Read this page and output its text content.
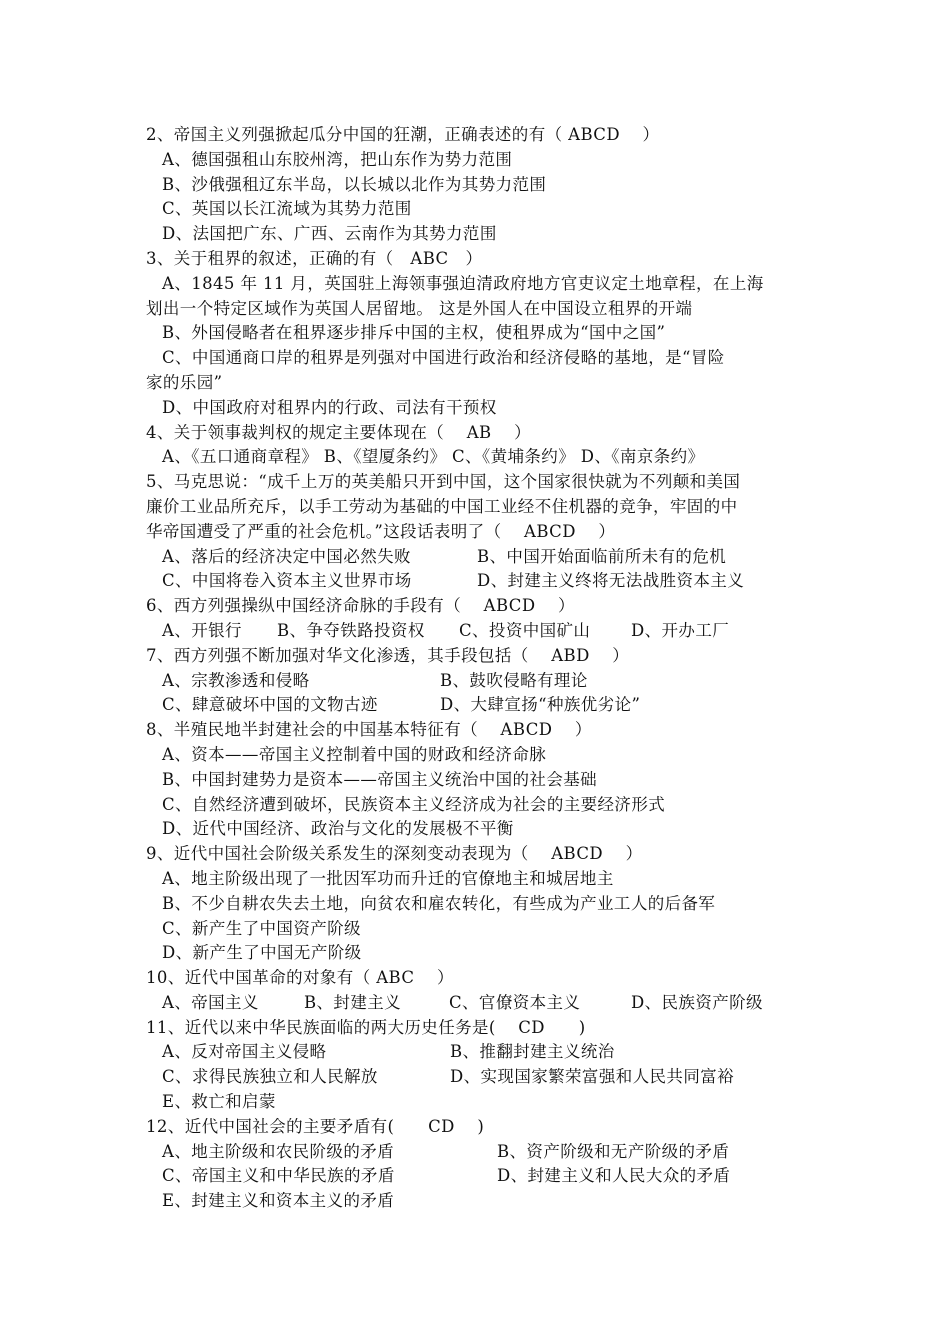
2、帝国主义列强掀起瓜分中国的狂潮，正确表述的有（ ABCD　 ）
A、德国强租山东胶州湾，把山东作为势力范围
B、沙俄强租辽东半岛，以长城以北作为其势力范围
C、英国以长江流域为其势力范围
D、法国把广东、广西、云南作为其势力范围
3、关于租界的叙述，正确的有（　ABC　）
A、1845 年 11 月，英国驻上海领事强迫清政府地方官吏议定土地章程，在上海
划出一个特定区域作为英国人居留地。 这是外国人在中国设立租界的开端
B、外国侵略者在租界逐步排斥中国的主权，使租界成为“国中之国”
C、中国通商口岸的租界是列强对中国进行政治和经济侵略的基地，是“冒险
家的乐园”
D、中国政府对租界内的行政、司法有干预权
4、关于领事裁判权的规定主要体现在（　 AB　 ）
A、《五口通商章程》 B、《望厦条约》 C、《黄埔条约》 D、《南京条约》
5、马克思说：“成千上万的英美船只开到中国，这个国家很快就为不列颠和美国
廉价工业品所充斥，以手工劳动为基础的中国工业经不住机器的竞争，牢固的中
华帝国遭受了严重的社会危机。”这段话表明了（　 ABCD　 ）
A、落后的经济决定中国必然失败	B、中国开始面临前所未有的危机
C、中国将卷入资本主义世界市场	D、封建主义终将无法战胜资本主义
6、西方列强操纵中国经济命脉的手段有（　 ABCD　 ）
A、开银行	B、争夺铁路投资权	C、投资中国矿山	D、开办工厂
7、西方列强不断加强对华文化渗透，其手段包括（　 ABD　 ）
A、宗教渗透和侵略	B、鼓吹侵略有理论
C、肆意破坏中国的文物古迹	D、大肆宣扬“种族优劣论”
8、半殖民地半封建社会的中国基本特征有（　 ABCD　 ）
A、资本——帝国主义控制着中国的财政和经济命脉
B、中国封建势力是资本——帝国主义统治中国的社会基础
C、自然经济遭到破坏，民族资本主义经济成为社会的主要经济形式
D、近代中国经济、政治与文化的发展极不平衡
9、近代中国社会阶级关系发生的深刻变动表现为（　 ABCD　 ）
A、地主阶级出现了一批因军功而升迁的官僚地主和城居地主
B、不少自耕农失去土地，向贫农和雇农转化，有些成为产业工人的后备军
C、新产生了中国资产阶级
D、新产生了中国无产阶级
10、近代中国革命的对象有（ ABC　 ）
A、帝国主义	B、封建主义	C、官僚资本主义	D、民族资产阶级
11、近代以来中华民族面临的两大历史任务是(　 CD　　)
A、反对帝国主义侵略	B、推翻封建主义统治
C、求得民族独立和人民解放	D、实现国家繁荣富强和人民共同富裕
E、救亡和启蒙
12、近代中国社会的主要矛盾有(　　CD　 )
A、地主阶级和农民阶级的矛盾	B、资产阶级和无产阶级的矛盾
C、帝国主义和中华民族的矛盾	D、封建主义和人民大众的矛盾
E、封建主义和资本主义的矛盾
